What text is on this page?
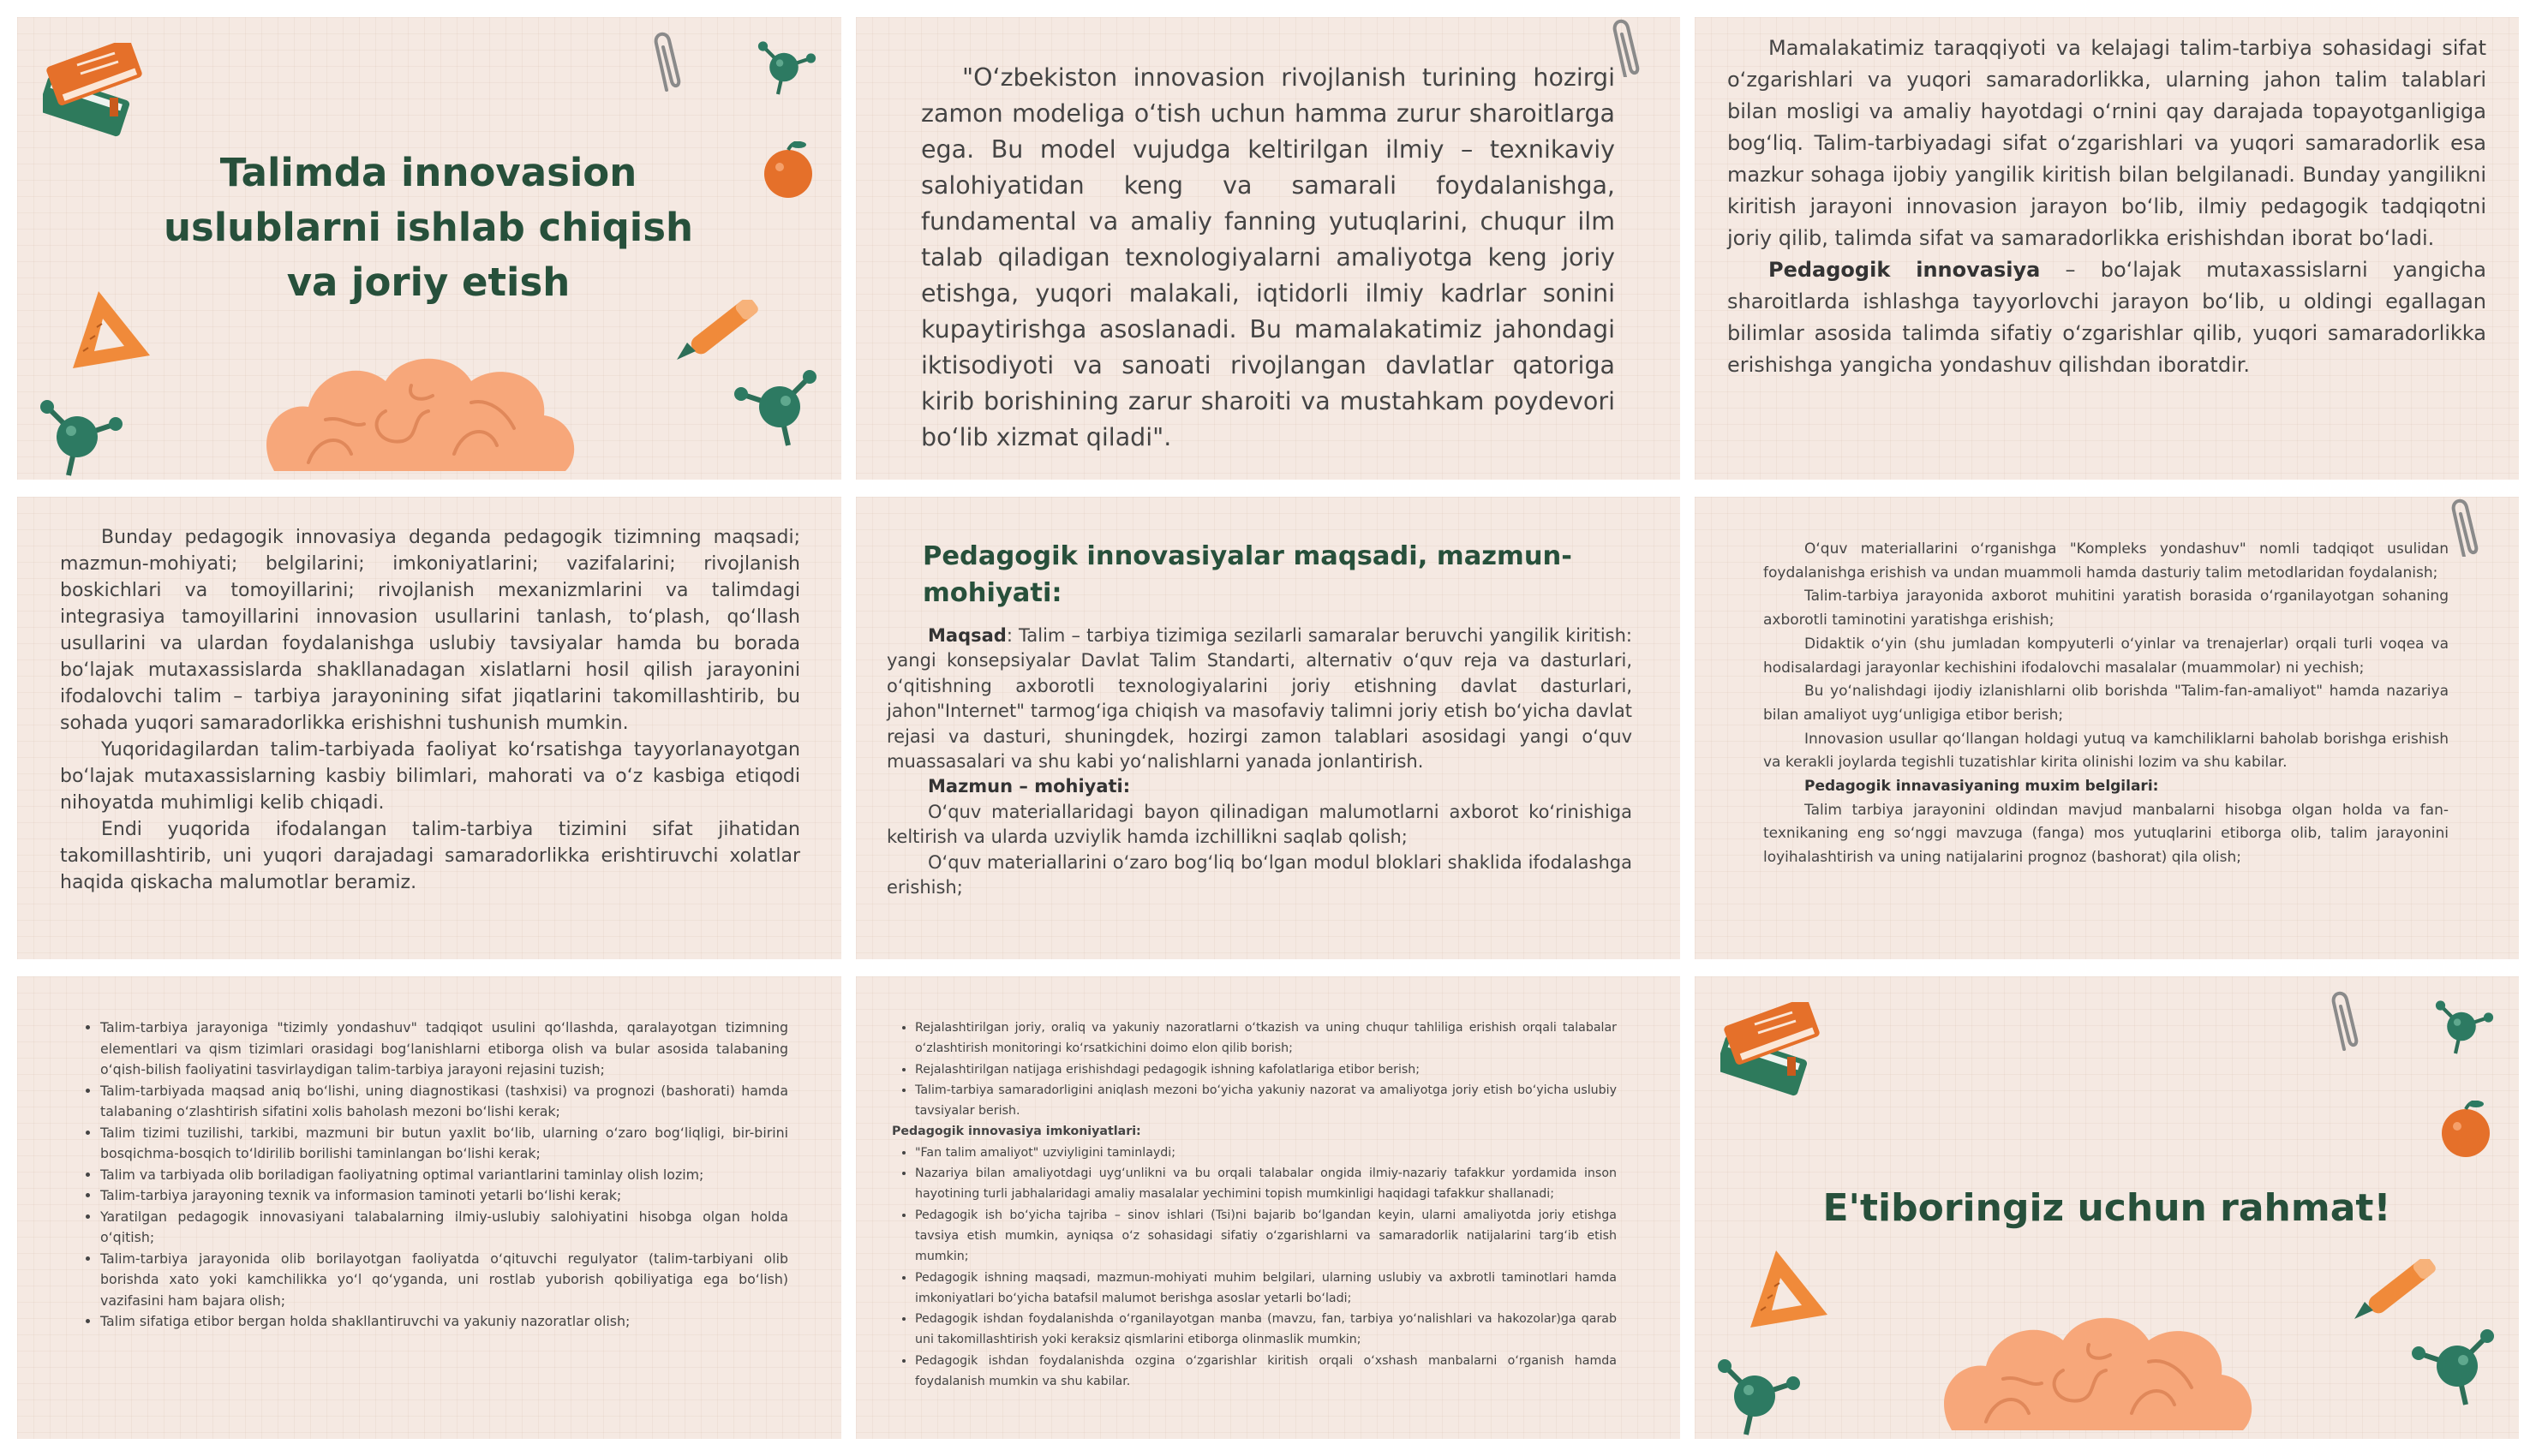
Talimda innovasion uslublarni ishlab chiqish va joriy etish

"O‘zbekiston innovasion rivojlanish turining hozirgi zamon modeliga o‘tish uchun hamma zurur sharoitlarga ega. Bu model vujudga keltirilgan ilmiy – texnikaviy salohiyatidan keng va samarali foydalanishga, fundamental va amaliy fanning yutuqlarini, chuqur ilm talab qiladigan texnologiyalarni amaliyotga keng joriy etishga, yuqori malakali, iqtidorli ilmiy kadrlar sonini kupaytirishga asoslanadi. Bu mamalakatimiz jahondagi iktisodiyoti va sanoati rivojlangan davlatlar qatoriga kirib borishining zarur sharoiti va mustahkam poydevori bo‘lib xizmat qiladi".

Mamalakatimiz taraqqiyoti va kelajagi talim-tarbiya sohasidagi sifat o‘zgarishlari va yuqori samaradorlikka, ularning jahon talim talablari bilan mosligi va amaliy hayotdagi o‘rnini qay darajada topayotganligiga bog‘liq. Talim-tarbiyadagi sifat o‘zgarishlari va yuqori samaradorlik esa mazkur sohaga ijobiy yangilik kiritish bilan belgilanadi. Bunday yangilikni kiritish jarayoni innovasion jarayon bo‘lib, ilmiy pedagogik tadqiqotni joriy qilib, talimda sifat va samaradorlikka erishishdan iborat bo‘ladi.

Pedagogik innovasiya – bo‘lajak mutaxassislarni yangicha sharoitlarda ishlashga tayyorlovchi jarayon bo‘lib, u oldingi egallagan bilimlar asosida talimda sifatiy o‘zgarishlar qilib, yuqori samaradorlikka erishishga yangicha yondashuv qilishdan iboratdir.

Bunday pedagogik innovasiya deganda pedagogik tizimning maqsadi; mazmun-mohiyati; belgilarini; imkoniyatlarini; vazifalarini; rivojlanish boskichlari va tomoyillarini; rivojlanish mexanizmlarini va talimdagi integrasiya tamoyillarini innovasion usullarini tanlash, to‘plash, qo‘llash usullarini va ulardan foydalanishga uslubiy tavsiyalar hamda bu borada bo‘lajak mutaxassislarda shakllanadagan xislatlarni hosil qilish jarayonini ifodalovchi talim – tarbiya jarayonining sifat jiqatlarini takomillashtirib, bu sohada yuqori samaradorlikka erishishni tushunish mumkin.

Yuqoridagilardan talim-tarbiyada faoliyat ko‘rsatishga tayyorlanayotgan bo‘lajak mutaxassislarning kasbiy bilimlari, mahorati va o‘z kasbiga etiqodi nihoyatda muhimligi kelib chiqadi.

Endi yuqorida ifodalangan talim-tarbiya tizimini sifat jihatidan takomillashtirib, uni yuqori darajadagi samaradorlikka erishtiruvchi xolatlar haqida qiskacha malumotlar beramiz.

Pedagogik innovasiyalar maqsadi, mazmun-mohiyati:

Maqsad: Talim – tarbiya tizimiga sezilarli samaralar beruvchi yangilik kiritish: yangi konsepsiyalar Davlat Talim Standarti, alternativ o‘quv reja va dasturlari, o‘qitishning axborotli texnologiyalarini joriy etishning davlat dasturlari, jahon"Internet" tarmog‘iga chiqish va masofaviy talimni joriy etish bo‘yicha davlat rejasi va dasturi, shuningdek, hozirgi zamon talablari asosidagi yangi o‘quv muassasalari va shu kabi yo‘nalishlarni yanada jonlantirish.

Mazmun – mohiyati:

O‘quv materiallaridagi bayon qilinadigan malumotlarni axborot ko‘rinishiga keltirish va ularda uzviylik hamda izchillikni saqlab qolish;

O‘quv materiallarini o‘zaro bog‘liq bo‘lgan modul bloklari shaklida ifodalashga erishish;

O‘quv materiallarini o‘rganishga "Kompleks yondashuv" nomli tadqiqot usulidan foydalanishga erishish va undan muammoli hamda dasturiy talim metodlaridan foydalanish;

Talim-tarbiya jarayonida axborot muhitini yaratish borasida o‘rganilayotgan sohaning axborotli taminotini yaratishga erishish;

Didaktik o‘yin (shu jumladan kompyuterli o‘yinlar va trenajerlar) orqali turli voqea va hodisalardagi jarayonlar kechishini ifodalovchi masalalar (muammolar) ni yechish;

Bu yo‘nalishdagi ijodiy izlanishlarni olib borishda "Talim-fan-amaliyot" hamda nazariya bilan amaliyot uyg‘unligiga etibor berish;

Innovasion usullar qo‘llangan holdagi yutuq va kamchiliklarni baholab borishga erishish va kerakli joylarda tegishli tuzatishlar kirita olinishi lozim va shu kabilar.

Pedagogik innavasiyaning muxim belgilari:

Talim tarbiya jarayonini oldindan mavjud manbalarni hisobga olgan holda va fan-texnikaning eng so‘nggi mavzuga (fanga) mos yutuqlarini etiborga olib, talim jarayonini loyihalashtirish va uning natijalarini prognoz (bashorat) qila olish;

• Talim-tarbiya jarayoniga "tizimly yondashuv" tadqiqot usulini qo‘llashda, qaralayotgan tizimning elementlari va qism tizimlari orasidagi bog‘lanishlarni etiborga olish va bular asosida talabaning o‘qish-bilish faoliyatini tasvirlaydigan talim-tarbiya jarayoni rejasini tuzish;
• Talim-tarbiyada maqsad aniq bo‘lishi, uning diagnostikasi (tashxisi) va prognozi (bashorati) hamda talabaning o‘zlashtirish sifatini xolis baholash mezoni bo‘lishi kerak;
• Talim tizimi tuzilishi, tarkibi, mazmuni bir butun yaxlit bo‘lib, ularning o‘zaro bog‘liqligi, bir-birini bosqichma-bosqich to‘ldirilib borilishi taminlangan bo‘lishi kerak;
• Talim va tarbiyada olib boriladigan faoliyatning optimal variantlarini taminlay olish lozim;
• Talim-tarbiya jarayoning texnik va informasion taminoti yetarli bo‘lishi kerak;
• Yaratilgan pedagogik innovasiyani talabalarning ilmiy-uslubiy salohiyatini hisobga olgan holda o‘qitish;
• Talim-tarbiya jarayonida olib borilayotgan faoliyatda o‘qituvchi regulyator (talim-tarbiyani olib borishda xato yoki kamchilikka yo‘l qo‘yganda, uni rostlab yuborish qobiliyatiga ega bo‘lish) vazifasini ham bajara olish;
• Talim sifatiga etibor bergan holda shakllantiruvchi va yakuniy nazoratlar olish;
• Rejalashtirilgan joriy, oraliq va yakuniy nazoratlarni o‘tkazish va uning chuqur tahliliga erishish orqali talabalar o‘zlashtirish monitoringi ko‘rsatkichini doimo elon qilib borish;
• Rejalashtirilgan natijaga erishishdagi pedagogik ishning kafolatlariga etibor berish;
• Talim-tarbiya samaradorligini aniqlash mezoni bo‘yicha yakuniy nazorat va amaliyotga joriy etish bo‘yicha uslubiy tavsiyalar berish.
Pedagogik innovasiya imkoniyatlari:
• "Fan talim amaliyot" uzviyligini taminlaydi;
• Nazariya bilan amaliyotdagi uyg‘unlikni va bu orqali talabalar ongida ilmiy-nazariy tafakkur yordamida inson hayotining turli jabhalaridagi amaliy masalalar yechimini topish mumkinligi haqidagi tafakkur shallanadi;
• Pedagogik ish bo‘yicha tajriba – sinov ishlari (Tsi)ni bajarib bo‘lgandan keyin, ularni amaliyotda joriy etishga tavsiya etish mumkin, ayniqsa o‘z sohasidagi sifatiy o‘zgarishlarni va samaradorlik natijalarini targ‘ib etish mumkin;
• Pedagogik ishning maqsadi, mazmun-mohiyati muhim belgilari, ularning uslubiy va axbrotli taminotlari hamda imkoniyatlari bo‘yicha batafsil malumot berishga asoslar yetarli bo‘ladi;
• Pedagogik ishdan foydalanishda o‘rganilayotgan manba (mavzu, fan, tarbiya yo‘nalishlari va hakozolar)ga qarab uni takomillashtirish yoki keraksiz qismlarini etiborga olinmaslik mumkin;
• Pedagogik ishdan foydalanishda ozgina o‘zgarishlar kiritish orqali o‘xshash manbalarni o‘rganish hamda foydalanish mumkin va shu kabilar.
E'tiboringiz uchun rahmat!
